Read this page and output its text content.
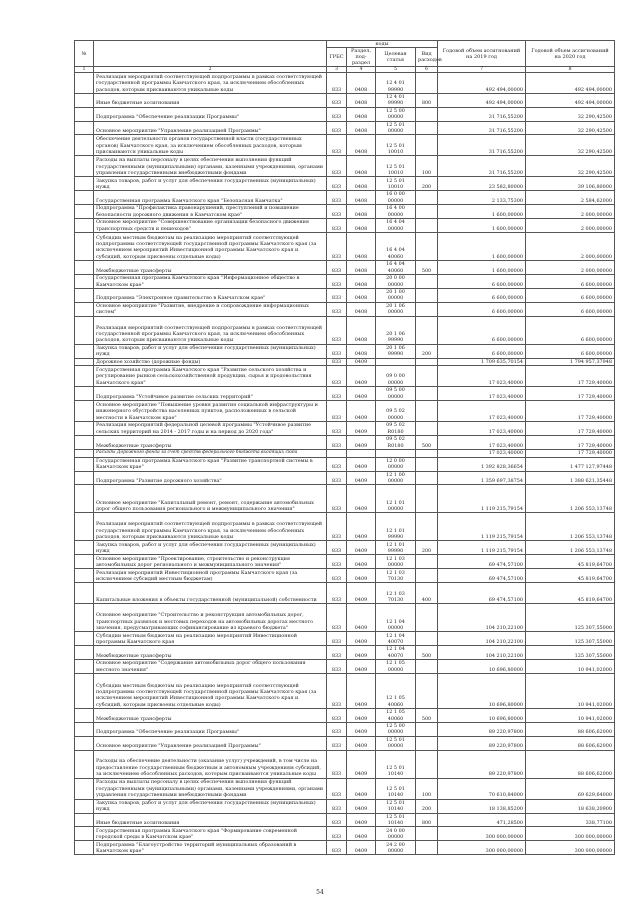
№		коды				Годовой объем ассигнований на 2019 год	Годовой объем ассигнований на 2020 год
		ГРБС	Раздел, под-раздел	Целевая статья	Вид расходов		
1	2	3	4	5	6	7	8
	Реализация мероприятий соответствующей подпрограммы в рамках соответствующей государственной программы Камчатского края, за исключением обособленных расходов, которым присваиваются уникальные коды	833	0408	12 4 01 99990		492 494,00000	492 494,00000
	Иные бюджетные ассигнования	833	0408	12 4 01 99990	800	492 494,00000	492 494,00000
	Подпрограмма "Обеспечение реализации Программы"	833	0408	12 5 00 00000		31 716,55200	32 290,42500
	Основное мероприятие "Управление реализацией Программы"	833	0408	12 5 01 00000		31 716,55200	32 290,42500
	Обеспечение деятельности органов государственной власти (государственных органов) Камчатского края, за исключением обособленных расходов, которым присваиваются уникальные коды	833	0408	12 5 01 10010		31 716,55200	32 290,42500
	Расходы на выплаты персоналу в целях обеспечения выполнения функций государственными (муниципальными) органами, казенными учреждениями, органами управления государственными внебюджетными фондами	833	0408	12 5 01 10010	100	31 716,55200	32 290,42500
	Закупка товаров, работ и услуг для обеспечения государственных (муниципальных) нужд	833	0408	12 5 01 10010	200	23 582,80000	39 106,80000
	Государственная программа Камчатского края "Безопасная Камчатка"	833	0408	16 0 00 00000		2 133,75300	2 584,62000
	Подпрограмма "Профилактика правонарушений, преступлений и повышение безопасности дорожного движения в Камчатском крае"	833	0408	16 4 00 00000		1 600,00000	2 000,00000
	Основное мероприятие "Совершенствование организации безопасного движения транспортных средств и пешеходов"	833	0408	16 4 04 00000		1 600,00000	2 000,00000
	Субсидии местным бюджетам на реализацию мероприятий соответствующей подпрограммы соответствующей государственной программы Камчатского края (за исключением мероприятий Инвестиционной программы Камчатского края и субсидий, которым присвоены отдельные коды)	833	0408	16 4 04 40060		1 600,00000	2 000,00000
	Межбюджетные трансферты	833	0408	16 4 04 40060	500	1 600,00000	2 000,00000
	Государственная программа Камчатского края "Информационное общество в Камчатском крае"	833	0408	20 0 00 00000		6 600,00000	6 600,00000
	Подпрограмма "Электронное правительство в Камчатском крае"	833	0408	20 1 00 00000		6 600,00000	6 600,00000
	Основное мероприятие "Развитие, внедрение и сопровождение информационных систем"	833	0408	20 1 06 00000		6 600,00000	6 600,00000
	Реализация мероприятий соответствующей подпрограммы в рамках соответствующей государственной программы Камчатского края, за исключением обособленных расходов, которым присваиваются уникальные коды	833	0408	20 1 06 99990		6 600,00000	6 600,00000
	Закупка товаров, работ и услуг для обеспечения государственных (муниципальных) нужд	833	0408	20 1 06 99990	200	6 600,00000	6 600,00000
	Дорожное хозяйство (дорожные фонды)	833	0409			1 709 635,70154	1 794 957,37948
	Государственная программа Камчатского края "Развитие сельского хозяйства и регулирование рынков сельскохозяйственной продукции, сырья и продовольствия Камчатского края"	833	0409	09 0 00 00000		17 023,40000	17 729,40000
	Подпрограмма "Устойчивое развитие сельских территорий"	833	0409	09 5 00 00000		17 023,40000	17 729,40000
	Основное мероприятие "Повышение уровня развития социальной инфраструктуры и инженерного обустройства населенных пунктов, расположенных в сельской местности в Камчатском крае"	833	0409	09 5 02 00000		17 023,40000	17 729,40000
	Реализация мероприятий федеральной целевой программы "Устойчивое развитие сельских территорий на 2014 - 2017 годы и на период до 2020 года"	833	0409	09 5 02 R0180		17 023,40000	17 729,40000
	Межбюджетные трансферты	833	0409	09 5 02 R0180	500	17 023,40000	17 729,40000
	Расходы Дорожного фонда за счет средств федерального бюджета входящих сюда					17 023,40000	17 729,40000
	Государственная программа Камчатского края "Развитие транспортной системы в Камчатском крае"	833	0409	12 0 00 00000		1 392 828,36654	1 477 127,97448
	Подпрограмма "Развитие дорожного хозяйства"	833	0409	12 1 00 00000		1 359 697,38754	1 388 621,35448
	Основное мероприятие "Капитальный ремонт, ремонт, содержание автомобильных дорог общего пользования регионального и межмуниципального значения"	833	0409	12 1 01 00000		1 119 215,79154	1 206 553,13748
	Реализация мероприятий соответствующей подпрограммы в рамках соответствующей государственной программы Камчатского края, за исключением обособленных расходов, которым присваиваются уникальные коды	833	0409	12 1 01 99990		1 119 215,79154	1 206 553,13748
	Закупка товаров, работ и услуг для обеспечения государственных (муниципальных) нужд	833	0409	12 1 01 99990	200	1 119 215,79154	1 206 553,13748
	Основное мероприятие "Проектирование, строительство и реконструкция автомобильных дорог регионального и межмуниципального значения"	833	0409	12 1 03 00000		69 474,57100	45 819,64700
	Реализация мероприятий Инвестиционной программы Камчатского края (за исключением субсидий местным бюджетам)	833	0409	12 1 03 70130		69 474,57100	45 819,64700
	Капитальные вложения в объекты государственной (муниципальной) собственности	833	0409	12 1 03 70130	400	69 474,57100	45 819,64700
	Основное мероприятие "Строительство и реконструкция автомобильных дорог, транспортных развязок и мостовых переходов на автомобильных дорогах местного значения, предусматривающих софинансирование из краевого бюджета"	833	0409	12 1 04 00000		104 210,22100	125 307,55000
	Субсидии местным бюджетам на реализацию мероприятий Инвестиционной программы Камчатского края	833	0409	12 1 04 40070		104 210,22100	125 307,55000
	Межбюджетные трансферты	833	0409	12 1 04 40070	500	104 210,22100	125 307,55000
	Основное мероприятие "Содержание автомобильных дорог общего пользования местного значения"	833	0409	12 1 05 00000		10 696,80000	10 941,02000
	Субсидии местным бюджетам на реализацию мероприятий соответствующей подпрограммы соответствующей государственной программы Камчатского края (за исключением мероприятий Инвестиционной программы Камчатского края и субсидий, которым присвоены отдельные коды)	833	0409	12 1 05 40060		10 696,80000	10 941,02000
	Межбюджетные трансферты	833	0409	12 1 05 40060	500	10 696,80000	10 941,02000
	Подпрограмма "Обеспечение реализации Программы"	833	0409	12 5 00 00000		89 220,97800	88 606,62000
	Основное мероприятие "Управление реализацией Программы"	833	0409	12 5 01 00000		89 220,97800	88 606,62000
	Расходы на обеспечение деятельности (оказание услуг) учреждений, в том числе на предоставление государственным бюджетным и автономным учреждениям субсидий, за исключением обособленных расходов, которым присваиваются уникальные коды	833	0409	12 5 01 10140		89 220,97800	88 606,62000
	Расходы на выплаты персоналу в целях обеспечения выполнения функций государственными (муниципальными) органами, казенными учреждениями, органами управления государственными внебюджетными фондами	833	0409	12 5 01 10140	100	70 610,84000	69 629,64000
	Закупка товаров, работ и услуг для обеспечения государственных (муниципальных) нужд	833	0409	12 5 01 10140	200	18 138,85200	18 638,20900
	Иные бюджетные ассигнования	833	0409	12 5 01 10140	800	471,28500	338,77100
	Государственная программа Камчатского края "Формирование современной городской среды в Камчатском крае"	833	0409	24 0 00 00000		300 000,00000	300 000,00000
	Подпрограмма "Благоустройство территорий муниципальных образований в Камчатском крае"	833	0409	24 2 00 00000		300 000,00000	300 000,00000
54
